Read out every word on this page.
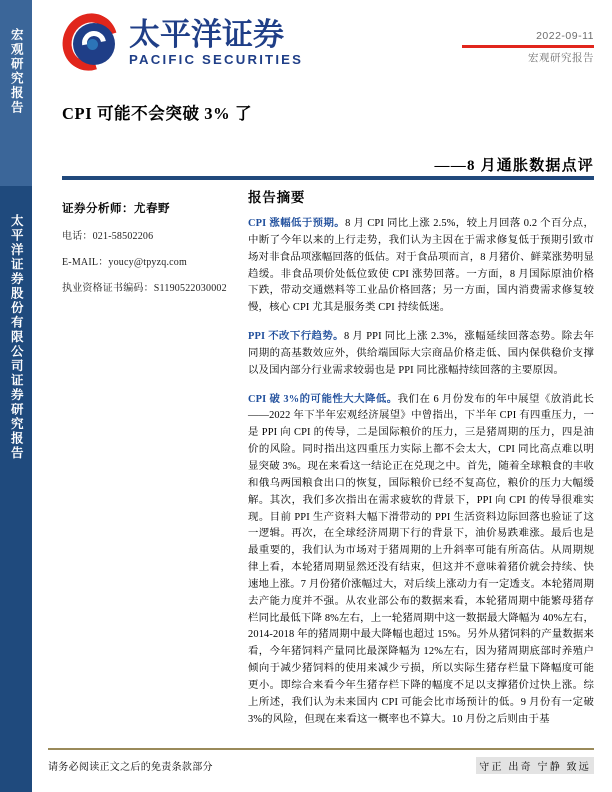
宏观研究报告
太平洋证券股份有限公司证券研究报告
太平洋证券
PACIFIC SECURITIES
2022-09-11
宏观研究报告
CPI 可能不会突破 3% 了
——8 月通胀数据点评
证券分析师：尤春野
电话：021-58502206
E-MAIL：youcy@tpyzq.com
执业资格证书编码：S1190522030002
报告摘要

CPI 涨幅低于预期。8 月 CPI 同比上涨 2.5%，较上月回落 0.2 个百分点，中断了今年以来的上行走势，我们认为主因在于需求修复低于预期引致市场对非食品项涨幅回落的低估。对于食品项而言，8 月猪价、鲜菜涨势明显趋缓。非食品项价处低位致使 CPI 涨势回落。一方面，8 月国际原油价格下跌，带动交通燃料等工业品价格回落；另一方面，国内消费需求修复较慢，核心 CPI 尤其是服务类 CPI 持续低迷。

PPI 不改下行趋势。8 月 PPI 同比上涨 2.3%，涨幅延续回落态势。除去年同期的高基数效应外，供给端国际大宗商品价格走低、国内保供稳价支撑以及国内部分行业需求较弱也是 PPI 同比涨幅持续回落的主要原因。

CPI 破 3%的可能性大大降低。我们在 6 月份发布的年中展望《放消此长——2022 年下半年宏观经济展望》中曾指出，下半年 CPI 有四重压力，一是 PPI 向 CPI 的传导，二是国际粮价的压力，三是猪周期的压力，四是油价的风险。同时指出这四重压力实际上都不会太大，CPI 同比高点难以明显突破 3%。现在来看这一结论正在兑现之中。首先，随着全球粮食的丰收和俄乌两国粮食出口的恢复，国际粮价已经不复高位，粮价的压力大幅缓解。其次，我们多次指出在需求疲软的背景下，PPI 向 CPI 的传导很难实现。目前 PPI 生产资料大幅下滑带动的 PPI 生活资料边际回落也验证了这一逻辑。再次，在全球经济周期下行的背景下，油价易跌难涨。最后也是最重要的，我们认为市场对于猪周期的上升斜率可能有所高估。从周期规律上看，本轮猪周期显然还没有结束，但这并不意味着猪价就会持续、快速地上涨。7 月份猪价涨幅过大，对后续上涨动力有一定透支。本轮猪周期去产能力度并不强。从农业部公布的数据来看，本轮猪周期中能繁母猪存栏同比最低下降 8%左右，上一轮猪周期中这一数据最大降幅为 40%左右，2014-2018 年的猪周期中最大降幅也超过 15%。另外从猪饲料的产量数据来看，今年猪饲料产量同比最深降幅为 12%左右，因为猪周期底部时养殖户倾向于减少猪饲料的使用来减少亏损，所以实际生猪存栏量下降幅度可能更小。即综合来看今年生猪存栏下降的幅度不足以支撑猪价过快上涨。综上所述，我们认为未来国内 CPI 可能会比市场预计的低。9 月份有一定破 3%的风险，但现在来看这一概率也不算大。10 月份之后则由于基

请务必阅读正文之后的免责条款部分	守正 出奇 宁静 致远
